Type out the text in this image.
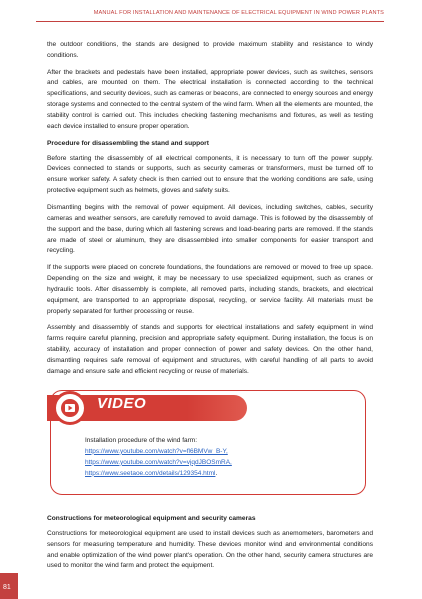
MANUAL FOR INSTALLATION AND MAINTENANCE OF ELECTRICAL EQUIPMENT IN WIND POWER PLANTS

the outdoor conditions, the stands are designed to provide maximum stability and resistance to windy conditions.

After the brackets and pedestals have been installed, appropriate power devices, such as switches, sensors and cables, are mounted on them. The electrical installation is connected according to the technical specifications, and security devices, such as cameras or beacons, are connected to energy sources and energy storage systems and connected to the central system of the wind farm. When all the elements are mounted, the stability control is carried out. This includes checking fastening mechanisms and fixtures, as well as testing each device installed to ensure proper operation.

Procedure for disassembling the stand and support

Before starting the disassembly of all electrical components, it is necessary to turn off the power supply. Devices connected to stands or supports, such as security cameras or transformers, must be turned off to ensure worker safety. A safety check is then carried out to ensure that the working conditions are safe, using protective equipment such as helmets, gloves and safety suits.

Dismantling begins with the removal of power equipment. All devices, including switches, cables, security cameras and weather sensors, are carefully removed to avoid damage. This is followed by the disassembly of the support and the base, during which all fastening screws and load-bearing parts are removed. If the stands are made of steel or aluminum, they are disassembled into smaller components for easier transport and recycling.

If the supports were placed on concrete foundations, the foundations are removed or moved to free up space. Depending on the size and weight, it may be necessary to use specialized equipment, such as cranes or hydraulic tools. After disassembly is complete, all removed parts, including stands, brackets, and electrical equipment, are transported to an appropriate disposal, recycling, or service facility. All materials must be properly separated for further processing or reuse.

Assembly and disassembly of stands and supports for electrical installations and safety equipment in wind farms require careful planning, precision and appropriate safety equipment. During installation, the focus is on stability, accuracy of installation and proper connection of power and safety devices. On the other hand, dismantling requires safe removal of equipment and structures, with careful handling of all parts to avoid damage and ensure safe and efficient recycling or reuse of materials.

VIDEO
Installation procedure of the wind farm:
https://www.youtube.com/watch?v=fl6BMVw_B-Y,
https://www.youtube.com/watch?v=vjqdJBOSmRA,
https://www.seetaoe.com/details/129354.html.
Constructions for meteorological equipment and security cameras

Constructions for meteorological equipment are used to install devices such as anemometers, barometers and sensors for measuring temperature and humidity. These devices monitor wind and environmental conditions and enable optimization of the wind power plant's operation. On the other hand, security camera structures are used to monitor the wind farm and protect the equipment.

81
